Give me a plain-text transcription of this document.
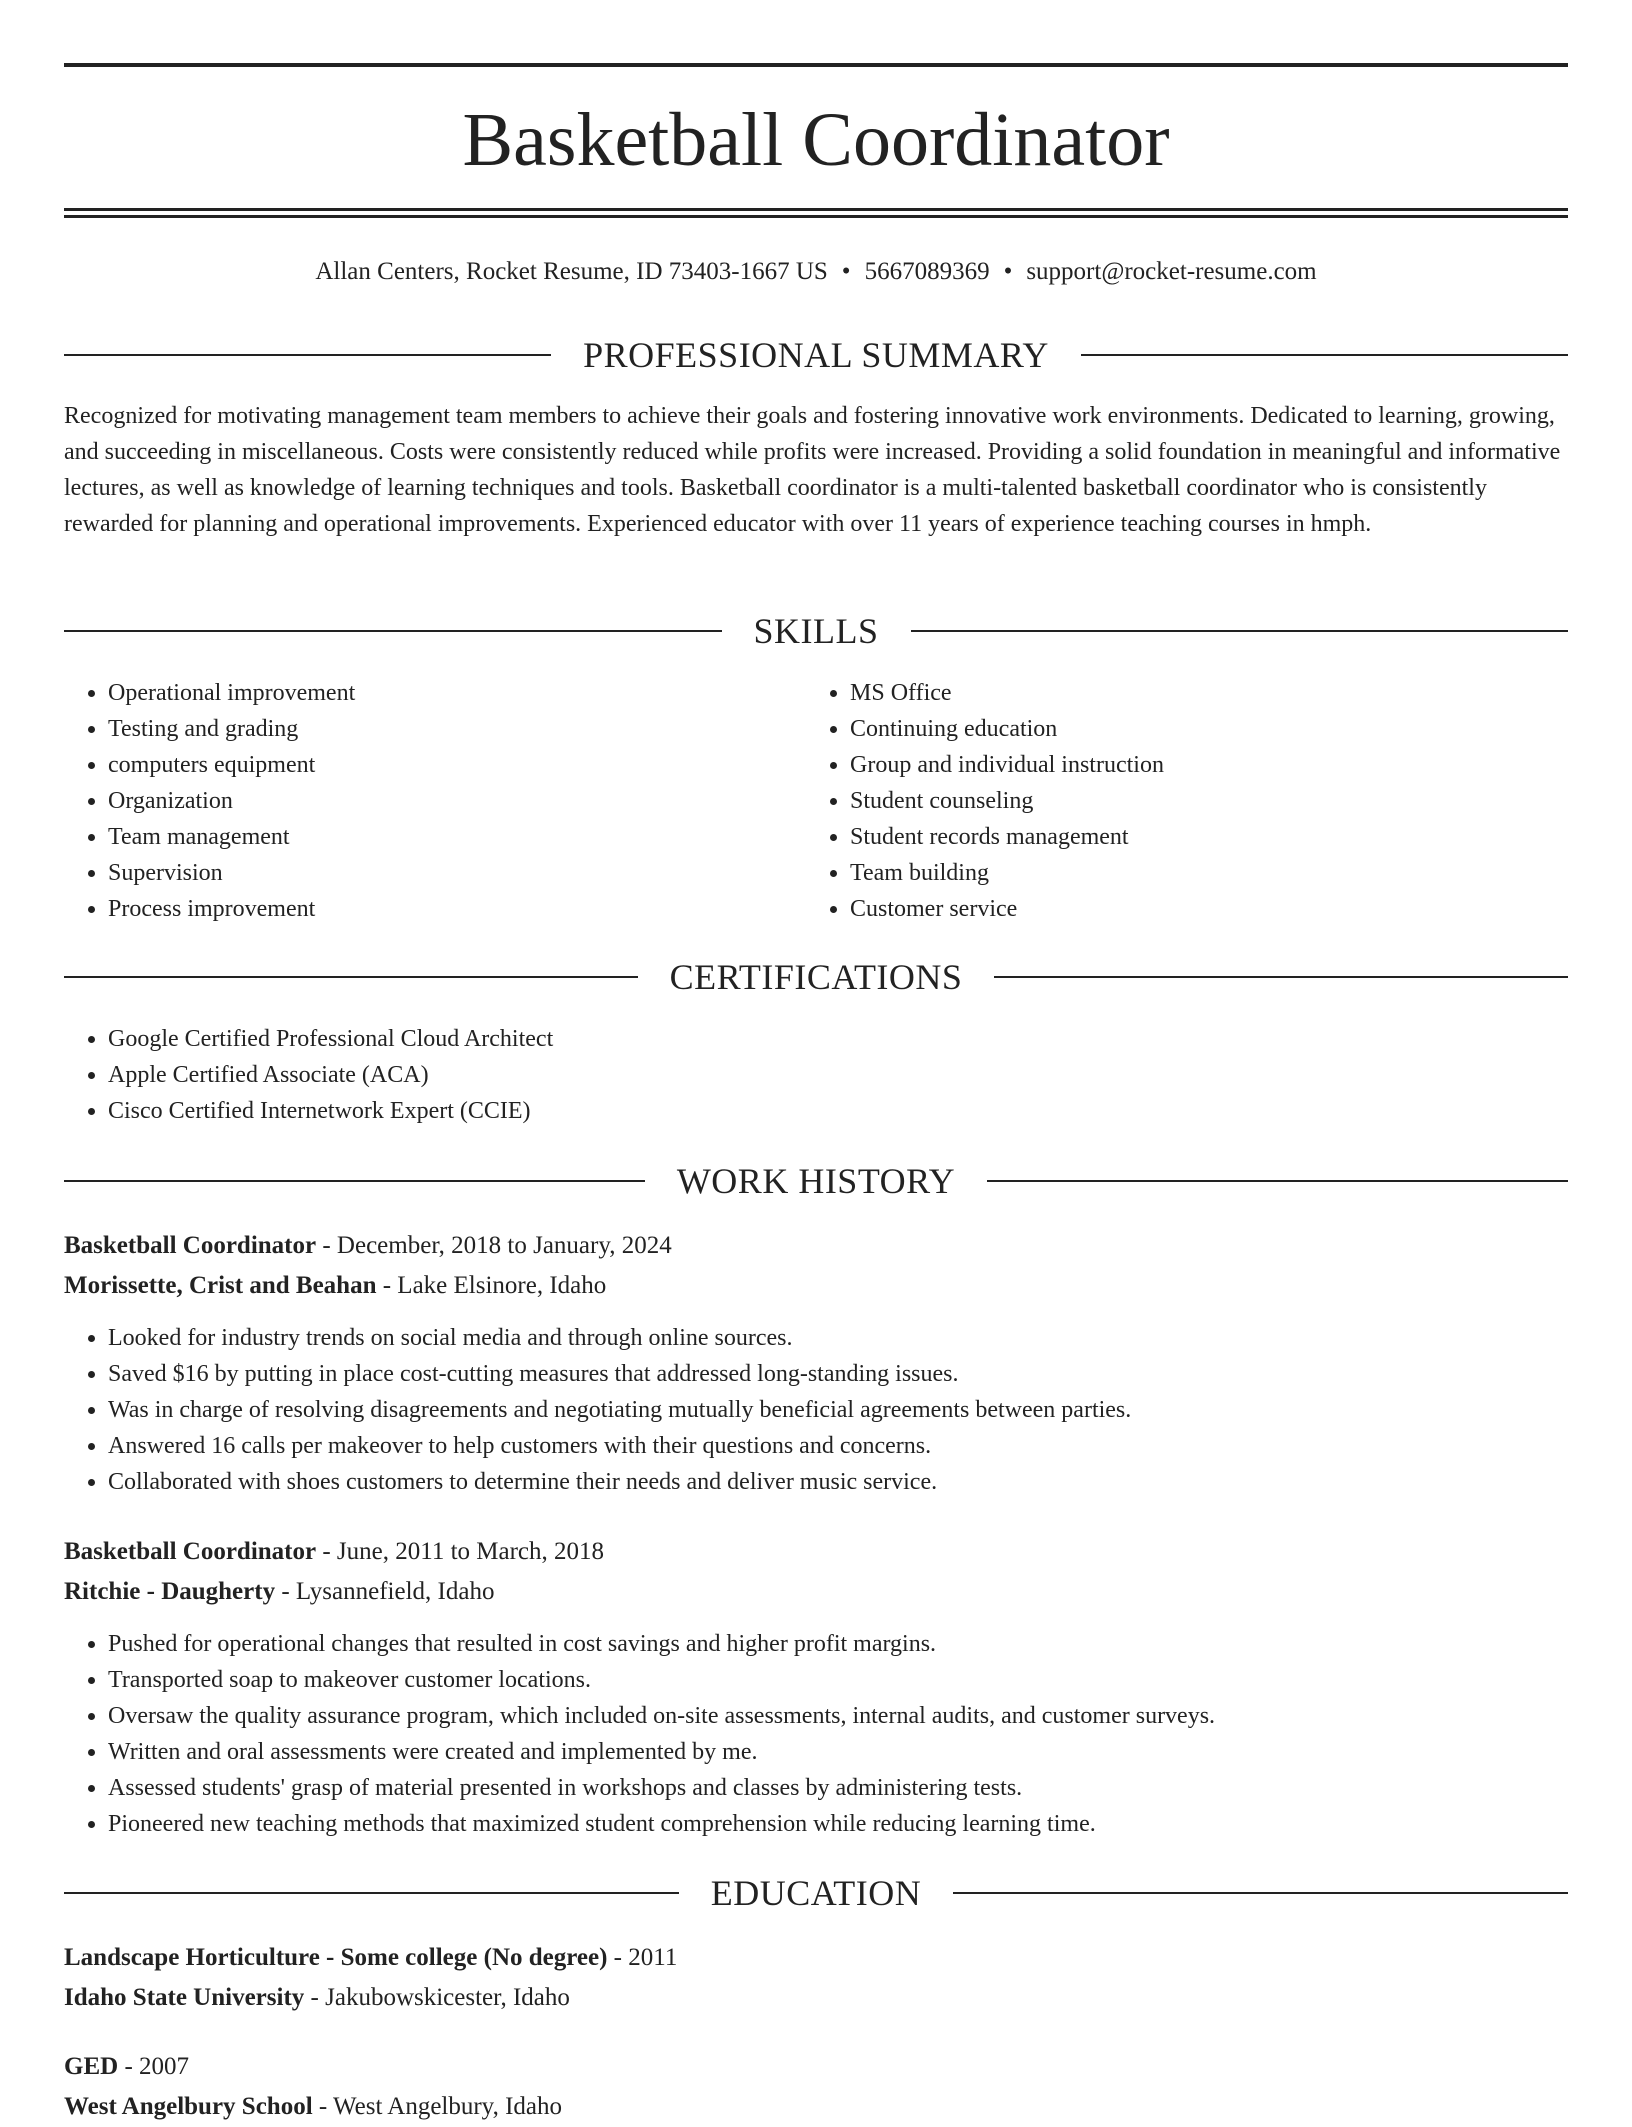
Basketball Coordinator
Allan Centers, Rocket Resume, ID 73403-1667 US • 5667089369 • support@rocket-resume.com
PROFESSIONAL SUMMARY

Recognized for motivating management team members to achieve their goals and fostering innovative work environments. Dedicated to learning, growing, and succeeding in miscellaneous. Costs were consistently reduced while profits were increased. Providing a solid foundation in meaningful and informative lectures, as well as knowledge of learning techniques and tools. Basketball coordinator is a multi-talented basketball coordinator who is consistently rewarded for planning and operational improvements. Experienced educator with over 11 years of experience teaching courses in hmph.

SKILLS
• Operational improvement
• Testing and grading
• computers equipment
• Organization
• Team management
• Supervision
• Process improvement
• MS Office
• Continuing education
• Group and individual instruction
• Student counseling
• Student records management
• Team building
• Customer service
CERTIFICATIONS
• Google Certified Professional Cloud Architect
• Apple Certified Associate (ACA)
• Cisco Certified Internetwork Expert (CCIE)
WORK HISTORY
Basketball Coordinator - December, 2018 to January, 2024
Morissette, Crist and Beahan - Lake Elsinore, Idaho
• Looked for industry trends on social media and through online sources.
• Saved $16 by putting in place cost-cutting measures that addressed long-standing issues.
• Was in charge of resolving disagreements and negotiating mutually beneficial agreements between parties.
• Answered 16 calls per makeover to help customers with their questions and concerns.
• Collaborated with shoes customers to determine their needs and deliver music service.
Basketball Coordinator - June, 2011 to March, 2018
Ritchie - Daugherty - Lysannefield, Idaho
• Pushed for operational changes that resulted in cost savings and higher profit margins.
• Transported soap to makeover customer locations.
• Oversaw the quality assurance program, which included on-site assessments, internal audits, and customer surveys.
• Written and oral assessments were created and implemented by me.
• Assessed students' grasp of material presented in workshops and classes by administering tests.
• Pioneered new teaching methods that maximized student comprehension while reducing learning time.
EDUCATION
Landscape Horticulture - Some college (No degree) - 2011
Idaho State University - Jakubowskicester, Idaho
GED - 2007
West Angelbury School - West Angelbury, Idaho
